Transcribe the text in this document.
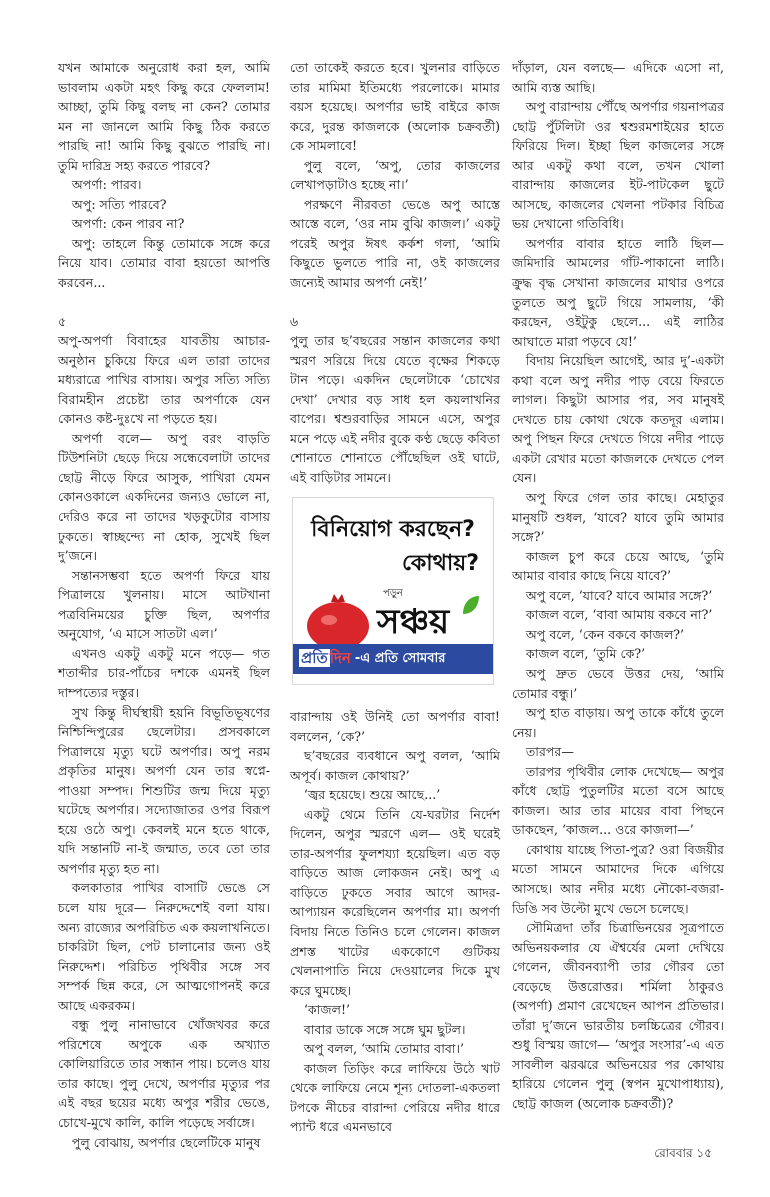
যখন আমাকে অনুরোধ করা হল, আমি ভাবলাম একটা মহৎ কিছু করে ফেললাম! আচ্ছা, তুমি কিছু বলছ না কেন? তোমার মন না জানলে আমি কিছু ঠিক করতে পারছি না! আমি কিছু বুঝতে পারছি না। তুমি দারিদ্র সহ্য করতে পারবে?

অপর্ণা: পারব।

অপু: সত্যি পারবে?

অপর্ণা: কেন পারব না?

অপু: তাহলে কিন্তু তোমাকে সঙ্গে করে নিয়ে যাব। তোমার বাবা হয়তো আপত্তি করবেন...

৫

অপু-অপর্ণা বিবাহের যাবতীয় আচার-অনুষ্ঠান চুকিয়ে ফিরে এল তারা তাদের মধ্যরাত্রে পাখির বাসায়। অপুর সত্যি সত্যি বিরামহীন প্রচেষ্টা তার অপর্ণাকে যেন কোনও কষ্ট-দুঃখে না পড়তে হয়।

অপর্ণা বলে— অপু বরং বাড়তি টিউশনিটা ছেড়ে দিয়ে সন্ধেবেলাটা তাদের ছোট্ট নীড়ে ফিরে আসুক, পাখিরা যেমন কোনওকালে একদিনের জন্যও ভোলে না, দেরিও করে না তাদের খড়কুটোর বাসায় ঢুকতে। স্বাচ্ছন্দ্যে না হোক, সুখেই ছিল দু’জনে।

সন্তানসম্ভবা হতে অপর্ণা ফিরে যায় পিত্রালয়ে খুলনায়। মাসে আটখানা পত্রবিনিময়ের চুক্তি ছিল, অপর্ণার অনুযোগ, ‘এ মাসে সাতটা এল।’

এখনও একটু একটু মনে পড়ে— গত শতাব্দীর চার-পাঁচের দশকে এমনই ছিল দাম্পত্যের দস্তুর।

সুখ কিন্তু দীর্ঘস্থায়ী হয়নি বিভূতিভূষণের নিশ্চিন্দিপুরের ছেলেটার। প্রসবকালে পিত্রালয়ে মৃত্যু ঘটে অপর্ণার। অপু নরম প্রকৃতির মানুষ। অপর্ণা যেন তার স্বপ্নে-পাওয়া সম্পদ। শিশুটির জন্ম দিয়ে মৃত্যু ঘটেছে অপর্ণার। সদ্যোজাতর ওপর বিরূপ হয়ে ওঠে অপু। কেবলই মনে হতে থাকে, যদি সন্তানটি না-ই জন্মাত, তবে তো তার অপর্ণার মৃত্যু হত না।

কলকাতার পাখির বাসাটি ভেঙে সে চলে যায় দূরে— নিরুদ্দেশেই বলা যায়। অন্য রাজ্যের অপরিচিত এক কয়লাখনিতে। চাকরিটা ছিল, পেট চালানোর জন্য ওই নিরুদ্দেশ। পরিচিত পৃথিবীর সঙ্গে সব সম্পর্ক ছিন্ন করে, সে আত্মগোপনই করে আছে একরকম।

বন্ধু পুলু নানাভাবে খোঁজখবর করে পরিশেষে অপুকে এক অখ্যাত কোলিয়ারিতে তার সন্ধান পায়। চলেও যায় তার কাছে। পুলু দেখে, অপর্ণার মৃত্যুর পর এই বছর ছয়ের মধ্যে অপুর শরীর ভেঙে, চোখে-মুখে কালি, কালি পড়েছে সর্বাঙ্গে।

পুলু বোঝায়, অপর্ণার ছেলেটিকে মানুষ

তো তাকেই করতে হবে। খুলনার বাড়িতে তার মামিমা ইতিমধ্যে পরলোকে। মামার বয়স হয়েছে। অপর্ণার ভাই বাইরে কাজ করে, দুরন্ত কাজলকে (অলোক চক্রবর্তী) কে সামলাবে!

পুলু বলে, ‘অপু, তোর কাজলের লেখাপড়াটাও হচ্ছে না।’

পরক্ষণে নীরবতা ভেঙে অপু আস্তে আস্তে বলে, ‘ওর নাম বুঝি কাজল।’ একটু পরেই অপুর ঈষৎ কর্কশ গলা, ‘আমি কিছুতে ভুলতে পারি না, ওই কাজলের জন্যেই আমার অপর্ণা নেই!’

৬

পুলু তার ছ’বছরের সন্তান কাজলের কথা স্মরণ সরিয়ে দিয়ে যেতে বৃক্ষের শিকড়ে টান পড়ে। একদিন ছেলেটাকে ‘চোখের দেখা’ দেখার বড় সাধ হল কয়লাখনির বাপের। শ্বশুরবাড়ির সামনে এসে, অপুর মনে পড়ে এই নদীর বুকে কণ্ঠ ছেড়ে কবিতা শোনাতে শোনাতে পৌঁছেছিল ওই ঘাটে, এই বাড়িটার সামনে।

বিনিয়োগ করছেন?
কোথায়?
পড়ুন
সঞ্চয়
প্রতি দিন -এ প্রতি সোমবার

বারান্দায় ওই উনিই তো অপর্ণার বাবা! বললেন, ‘কে?’

ছ’বছরের ব্যবধানে অপু বলল, ‘আমি অপূর্ব। কাজল কোথায়?’

‘জ্বর হয়েছে। শুয়ে আছে...’

একটু থেমে তিনি যে-ঘরটার নির্দেশ দিলেন, অপুর স্মরণে এল— ওই ঘরেই তার-অপর্ণার ফুলশয্যা হয়েছিল। এত বড় বাড়িতে আজ লোকজন নেই। অপু এ বাড়িতে ঢুকতে সবার আগে আদর-আপ্যায়ন করেছিলেন অপর্ণার মা। অপর্ণা বিদায় নিতে তিনিও চলে গেলেন। কাজল প্রশস্ত খাটের এককোণে গুটিকয় খেলনাপাতি নিয়ে দেওয়ালের দিকে মুখ করে ঘুমচ্ছে।

‘কাজল!’

বাবার ডাকে সঙ্গে সঙ্গে ঘুম ছুটল।

অপু বলল, ‘আমি তোমার বাবা।’

কাজল তিড়িং করে লাফিয়ে উঠে খাট থেকে লাফিয়ে নেমে শূন্য দোতলা-একতলা টপকে নীচের বারান্দা পেরিয়ে নদীর ধারে প্যান্ট ধরে এমনভাবে

দাঁড়াল, যেন বলছে— এদিকে এসো না, আমি ব্যস্ত আছি।

অপু বারান্দায় পৌঁছে অপর্ণার গয়নাপত্রর ছোট্ট পুঁটলিটা ওর শ্বশুরমশাইয়ের হাতে ফিরিয়ে দিল। ইচ্ছা ছিল কাজলের সঙ্গে আর একটু কথা বলে, তখন খোলা বারান্দায় কাজলের ইট-পাটকেল ছুটে আসছে, কাজলের খেলনা পটকার বিচিত্র ভয় দেখানো গতিবিধি।

অপর্ণার বাবার হাতে লাঠি ছিল— জমিদারি আমলের গাঁট-পাকানো লাঠি। ক্রুদ্ধ বৃদ্ধ সেখানা কাজলের মাথার ওপরে তুলতে অপু ছুটে গিয়ে সামলায়, ‘কী করছেন, ওইটুকু ছেলে... এই লাঠির আঘাতে মারা পড়বে যে!’

বিদায় নিয়েছিল আগেই, আর দু’-একটা কথা বলে অপু নদীর পাড় বেয়ে ফিরতে লাগল। কিছুটা আসার পর, সব মানুষই দেখতে চায় কোথা থেকে কতদূর এলাম। অপু পিছন ফিরে দেখতে গিয়ে নদীর পাড়ে একটা রেখার মতো কাজলকে দেখতে পেল যেন।

অপু ফিরে গেল তার কাছে। মেহাতুর মানুষটি শুধল, ‘যাবে? যাবে তুমি আমার সঙ্গে?’

কাজল চুপ করে চেয়ে আছে, ‘তুমি আমার বাবার কাছে নিয়ে যাবে?’

অপু বলে, ‘যাবে? যাবে আমার সঙ্গে?’

কাজল বলে, ‘বাবা আমায় বকবে না?’

অপু বলে, ‘কেন বকবে কাজল?’

কাজল বলে, ‘তুমি কে?’

অপু দ্রুত ভেবে উত্তর দেয়, ‘আমি তোমার বন্ধু।’

অপু হাত বাড়ায়। অপু তাকে কাঁধে তুলে নেয়।

তারপর—

তারপর পৃথিবীর লোক দেখেছে— অপুর কাঁধে ছোট্ট পুতুলটির মতো বসে আছে কাজল। আর তার মায়ের বাবা পিছনে ডাকছেন, ‘কাজল... ওরে কাজলা—’

কোথায় যাচ্ছে পিতা-পুত্র? ওরা বিজয়ীর মতো সামনে আমাদের দিকে এগিয়ে আসছে। আর নদীর মধ্যে নৌকো-বজরা-ডিঙি সব উল্টো মুখে ভেসে চলেছে।

সৌমিত্রদা তাঁর চিত্রাভিনয়ের সূত্রপাতে অভিনয়কলার যে ঐশ্বর্যের মেলা দেখিয়ে গেলেন, জীবনব্যাপী তার গৌরব তো বেড়েছে উত্তরোত্তর। শর্মিলা ঠাকুরও (অপর্ণা) প্রমাণ রেখেছেন আপন প্রতিভার। তাঁরা দু’জনে ভারতীয় চলচ্চিত্রের গৌরব। শুধু বিস্ময় জাগে— ‘অপুর সংসার’-এ এত সাবলীল ঝরঝরে অভিনয়ের পর কোথায় হারিয়ে গেলেন পুলু (স্বপন মুখোপাধ্যায়), ছোট্ট কাজল (অলোক চক্রবর্তী)?

রোববার ১৫
